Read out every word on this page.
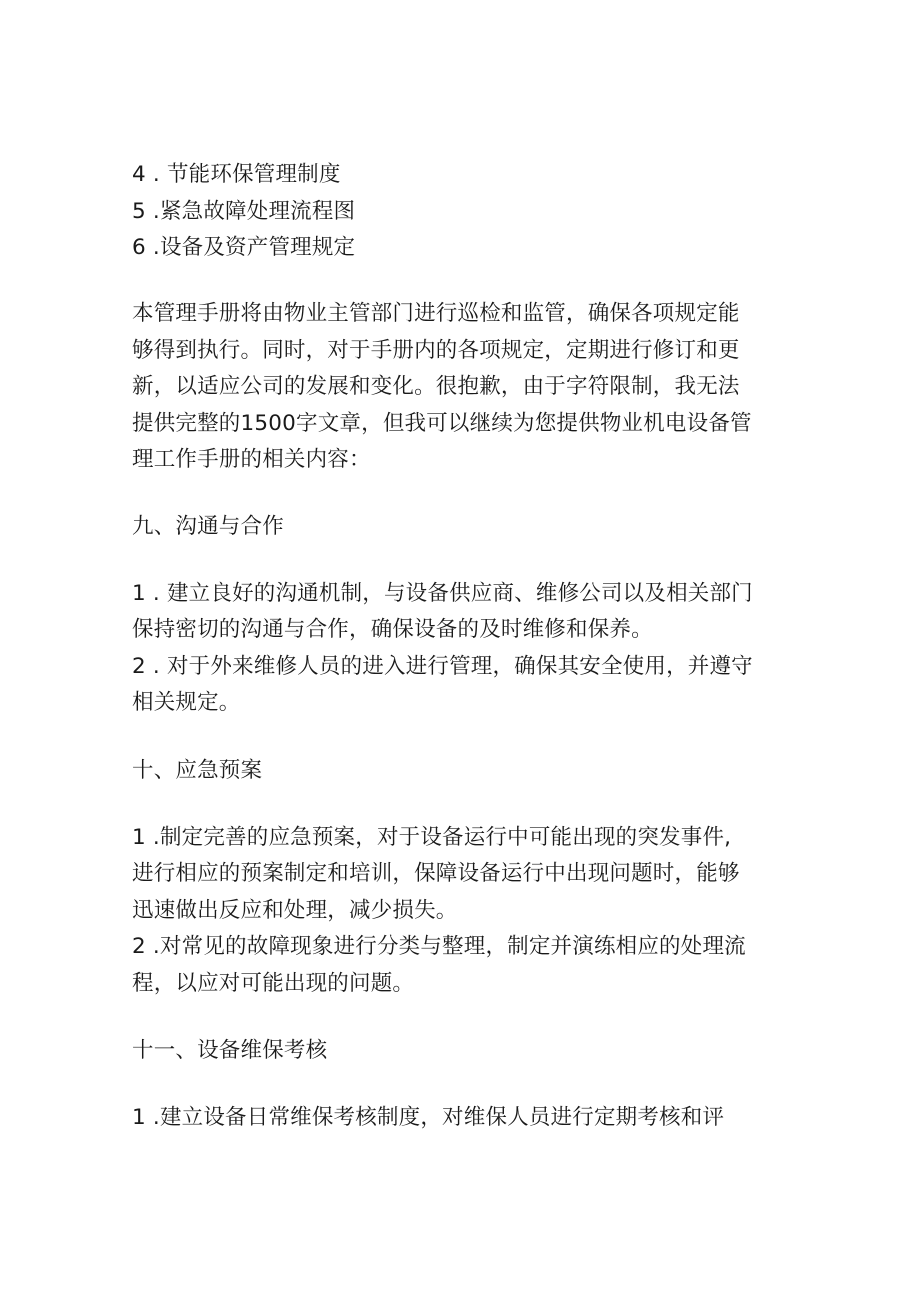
4 . 节能环保管理制度
5 .紧急故障处理流程图
6 .设备及资产管理规定
本管理手册将由物业主管部门进行巡检和监管，确保各项规定能
够得到执行。同时，对于手册内的各项规定，定期进行修订和更
新，以适应公司的发展和变化。很抱歉，由于字符限制，我无法
提供完整的1500字文章，但我可以继续为您提供物业机电设备管
理工作手册的相关内容：
九、沟通与合作
1 . 建立良好的沟通机制，与设备供应商、维修公司以及相关部门
保持密切的沟通与合作，确保设备的及时维修和保养。
2 . 对于外来维修人员的进入进行管理，确保其安全使用，并遵守
相关规定。
十、应急预案
1 .制定完善的应急预案，对于设备运行中可能出现的突发事件,
进行相应的预案制定和培训，保障设备运行中出现问题时，能够
迅速做出反应和处理，减少损失。
2 .对常见的故障现象进行分类与整理，制定并演练相应的处理流
程，以应对可能出现的问题。
十一、设备维保考核
1 .建立设备日常维保考核制度，对维保人员进行定期考核和评
